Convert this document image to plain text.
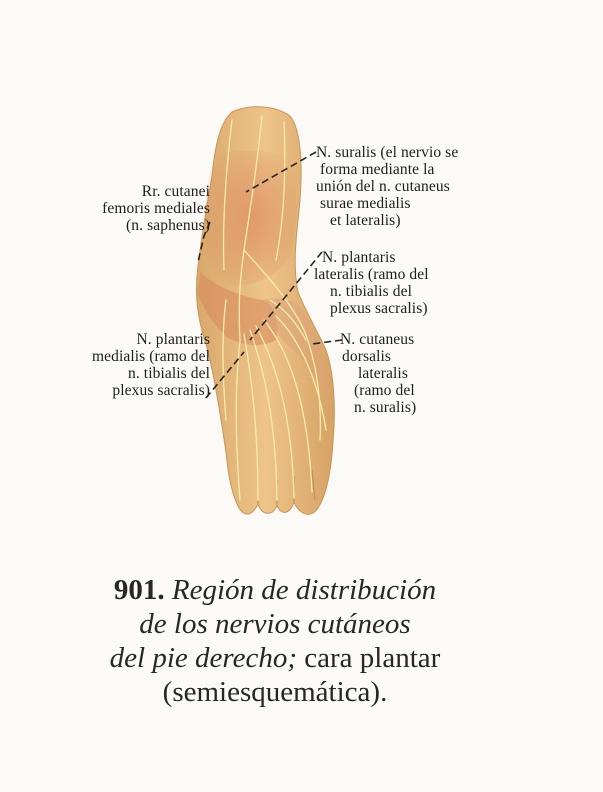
Rr. cutanei
femoris mediales
(n. saphenus)
N. suralis (el nervio se
forma mediante la
unión del n. cutaneus
surae medialis
et lateralis)
N. plantaris
lateralis (ramo del
n. tibialis del
plexus sacralis)
N. plantaris
medialis (ramo del
n. tibialis del
plexus sacralis)
N. cutaneus
dorsalis
lateralis
(ramo del
n. suralis)
901. Región de distribución
de los nervios cutáneos
del pie derecho; cara plantar
(semiesquemática).
